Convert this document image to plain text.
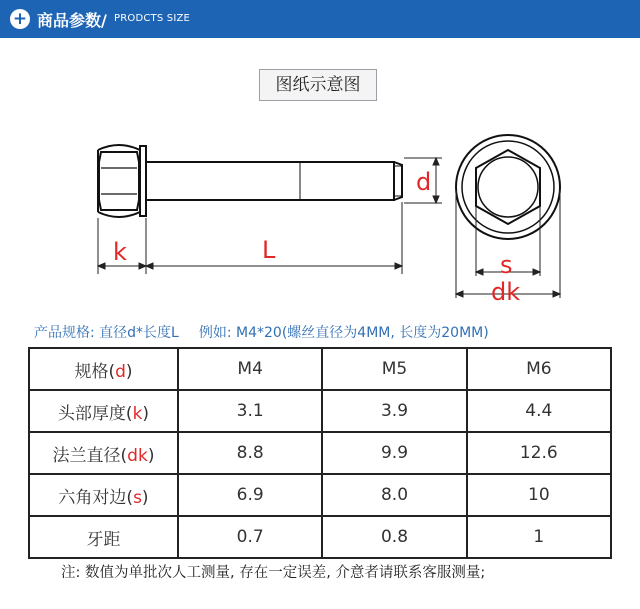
+ 商品参数/ PRODCTS SIZE
图纸示意图
k	L
d
s
dk
产品规格: 直径d*长度L 例如: M4*20(螺丝直径为4MM, 长度为20MM)
规格(d)	M4	M5	M6
头部厚度(k)	3.1	3.9	4.4
法兰直径(dk)	8.8	9.9	12.6
六角对边(s)	6.9	8.0	10
牙距	0.7	0.8	1
注: 数值为单批次人工测量, 存在一定误差, 介意者请联系客服测量;
